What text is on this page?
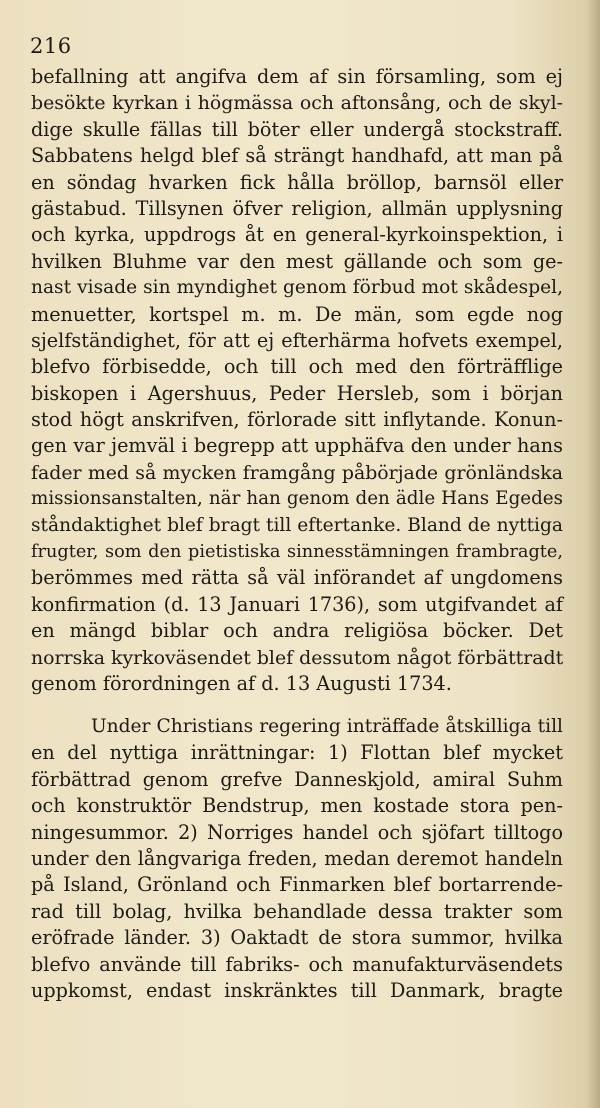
216
befallning att angifva dem af sin församling, som ej
besökte kyrkan i högmässa och aftonsång, och de skyl-
dige skulle fällas till böter eller undergå stockstraff.
Sabbatens helgd blef så strängt handhafd, att man på
en söndag hvarken fick hålla bröllop, barnsöl eller
gästabud. Tillsynen öfver religion, allmän upplysning
och kyrka, uppdrogs åt en general-kyrkoinspektion, i
hvilken Bluhme var den mest gällande och som ge-
nast visade sin myndighet genom förbud mot skådespel,
menuetter, kortspel m. m. De män, som egde nog
sjelfständighet, för att ej efterhärma hofvets exempel,
blefvo förbisedde, och till och med den förträfflige
biskopen i Agershuus, Peder Hersleb, som i början
stod högt anskrifven, förlorade sitt inflytande. Konun-
gen var jemväl i begrepp att upphäfva den under hans
fader med så mycken framgång påbörjade grönländska
missionsanstalten, när han genom den ädle Hans Egedes
ståndaktighet blef bragt till eftertanke. Bland de nyttiga
frugter, som den pietistiska sinnesstämningen frambragte,
berömmes med rätta så väl införandet af ungdomens
konfirmation (d. 13 Januari 1736), som utgifvandet af
en mängd biblar och andra religiösa böcker. Det
norrska kyrkoväsendet blef dessutom något förbättradt
genom förordningen af d. 13 Augusti 1734.
Under Christians regering inträffade åtskilliga till
en del nyttiga inrättningar: 1) Flottan blef mycket
förbättrad genom grefve Danneskjold, amiral Suhm
och konstruktör Bendstrup, men kostade stora pen-
ningesummor. 2) Norriges handel och sjöfart tilltogo
under den långvariga freden, medan deremot handeln
på Island, Grönland och Finmarken blef bortarrende-
rad till bolag, hvilka behandlade dessa trakter som
eröfrade länder. 3) Oaktadt de stora summor, hvilka
blefvo använde till fabriks- och manufakturväsendets
uppkomst, endast inskränktes till Danmark, bragte
